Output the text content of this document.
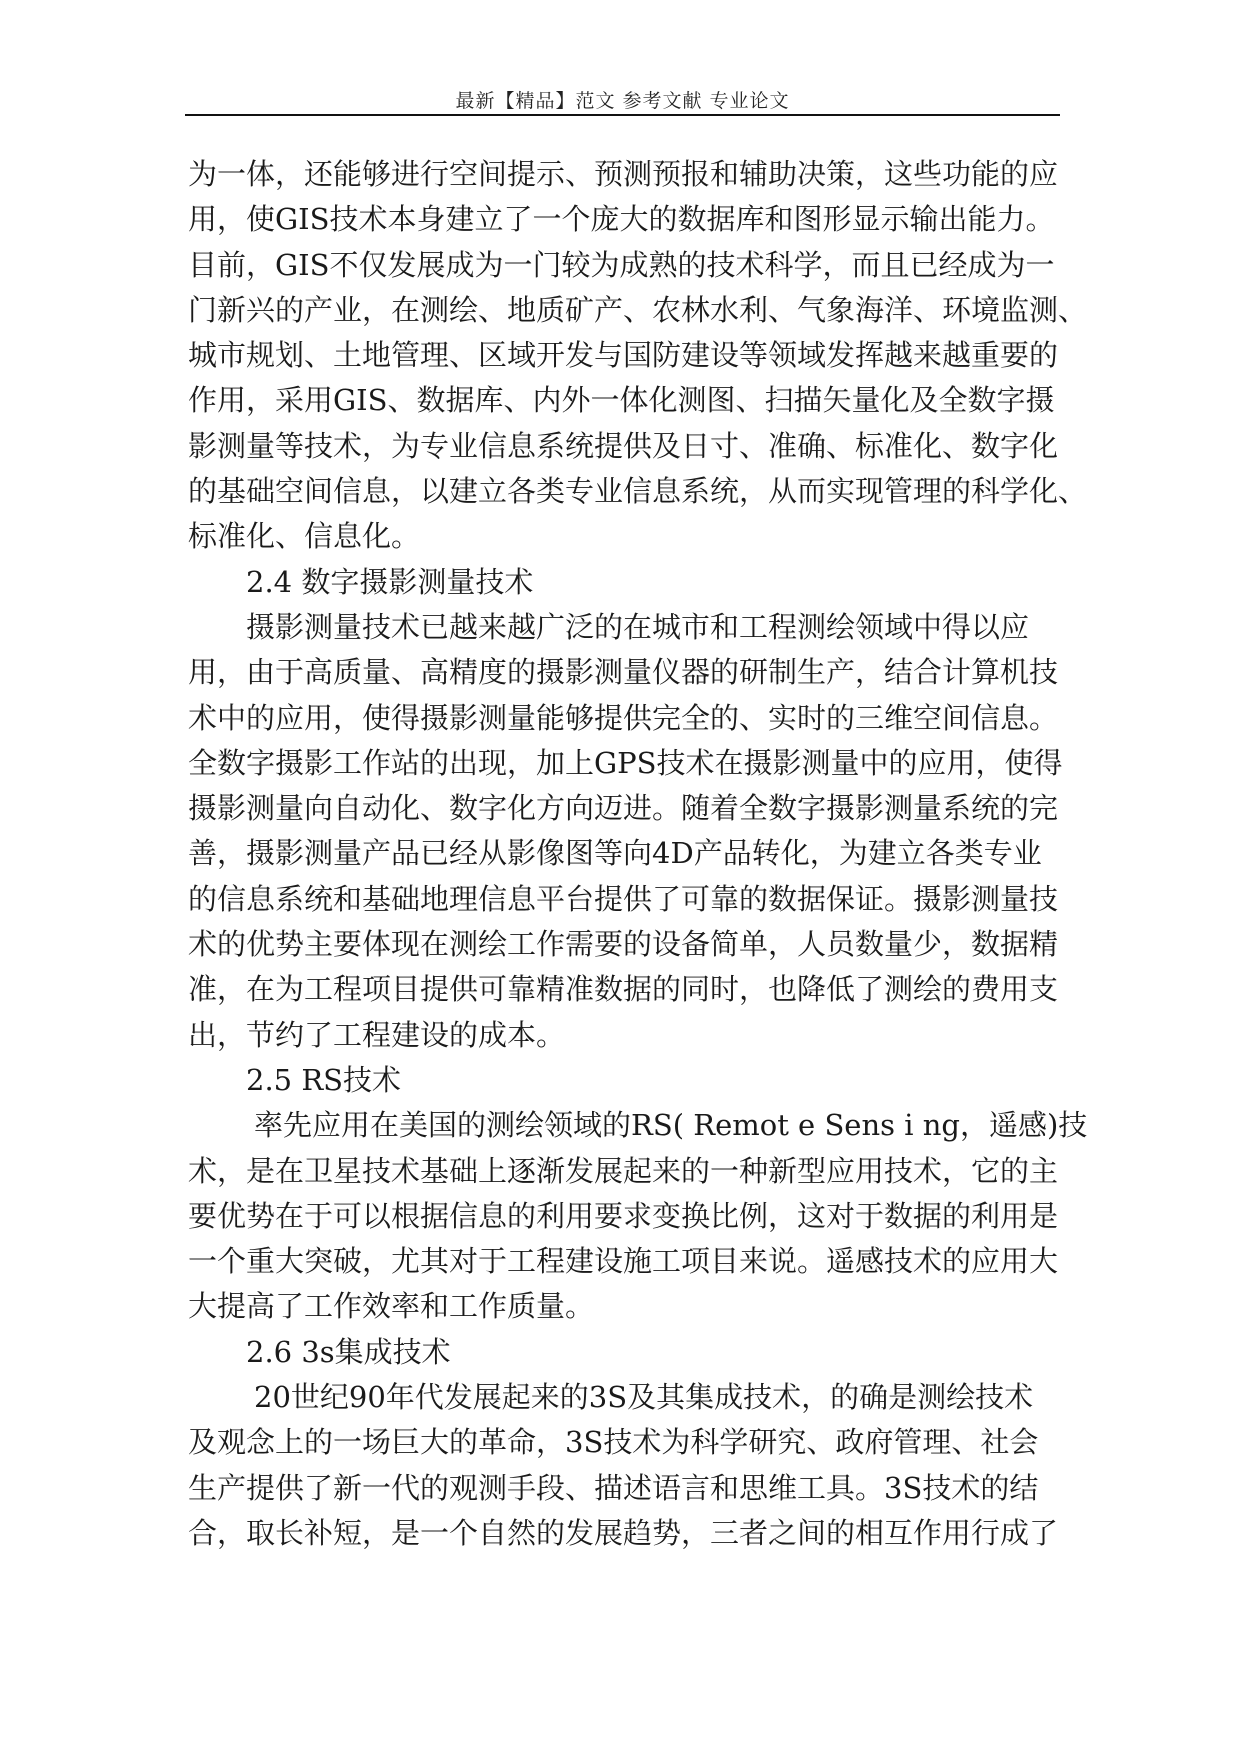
最新【精品】范文 参考文献 专业论文
为一体，还能够进行空间提示、预测预报和辅助决策，这些功能的应
用，使GIS技术本身建立了一个庞大的数据库和图形显示输出能力。
目前，GIS不仅发展成为一门较为成熟的技术科学，而且已经成为一
门新兴的产业，在测绘、地质矿产、农林水利、气象海洋、环境监测、
城市规划、土地管理、区域开发与国防建设等领域发挥越来越重要的
作用，采用GIS、数据库、内外一体化测图、扫描矢量化及全数字摄
影测量等技术，为专业信息系统提供及日寸、准确、标准化、数字化
的基础空间信息，以建立各类专业信息系统，从而实现管理的科学化、
标准化、信息化。
2.4 数字摄影测量技术
摄影测量技术已越来越广泛的在城市和工程测绘领域中得以应
用，由于高质量、高精度的摄影测量仪器的研制生产，结合计算机技
术中的应用，使得摄影测量能够提供完全的、实时的三维空间信息。
全数字摄影工作站的出现，加上GPS技术在摄影测量中的应用，使得
摄影测量向自动化、数字化方向迈进。随着全数字摄影测量系统的完
善，摄影测量产品已经从影像图等向4D产品转化，为建立各类专业
的信息系统和基础地理信息平台提供了可靠的数据保证。摄影测量技
术的优势主要体现在测绘工作需要的设备简单，人员数量少，数据精
准，在为工程项目提供可靠精准数据的同时，也降低了测绘的费用支
出，节约了工程建设的成本。
2.5 RS技术
率先应用在美国的测绘领域的RS( Remot e Sens i ng，遥感)技
术，是在卫星技术基础上逐渐发展起来的一种新型应用技术，它的主
要优势在于可以根据信息的利用要求变换比例，这对于数据的利用是
一个重大突破，尤其对于工程建设施工项目来说。遥感技术的应用大
大提高了工作效率和工作质量。
2.6 3s集成技术
20世纪90年代发展起来的3S及其集成技术，的确是测绘技术
及观念上的一场巨大的革命，3S技术为科学研究、政府管理、社会
生产提供了新一代的观测手段、描述语言和思维工具。3S技术的结
合，取长补短，是一个自然的发展趋势，三者之间的相互作用行成了
